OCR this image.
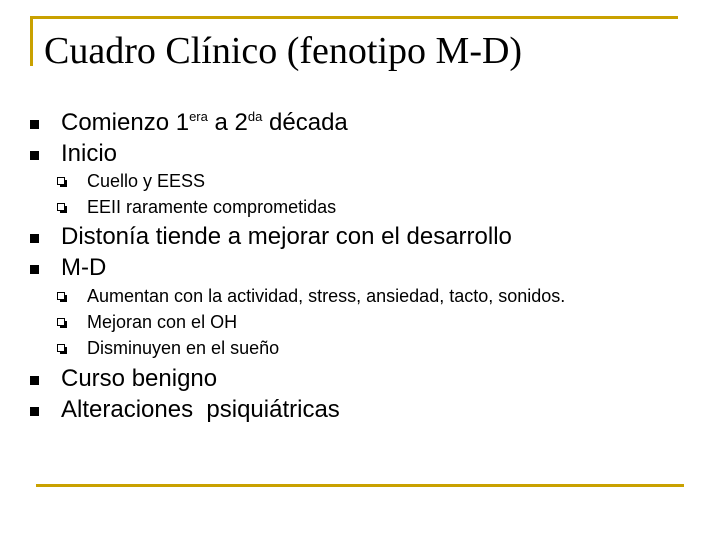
Cuadro Clínico (fenotipo M-D)
Comienzo $1^{era}$ a $2^{da}$ década
Inicio
Cuello y EESS
EEII raramente comprometidas
Distonía tiende a mejorar con el desarrollo
M-D
Aumentan con la actividad, stress, ansiedad, tacto, sonidos.
Mejoran con el OH
Disminuyen en el sueño
Curso benigno
Alteraciones  psiquiátricas
